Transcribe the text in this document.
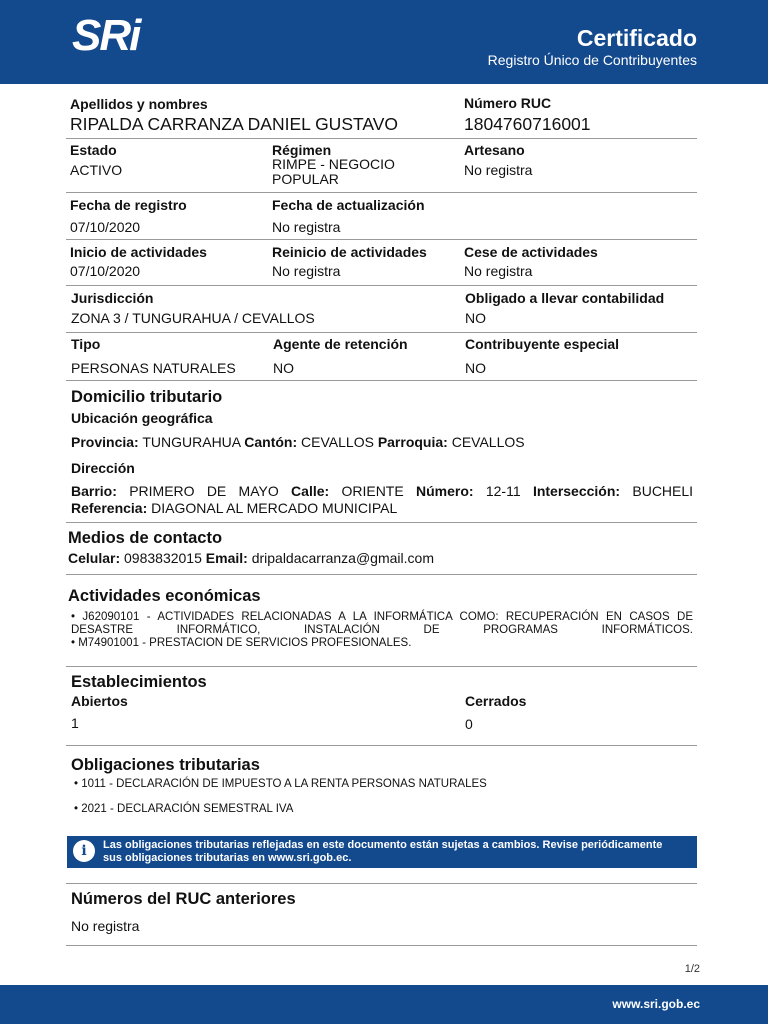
SRi	Certificado
Registro Único de Contribuyentes
Apellidos y nombres
RIPALDA CARRANZA DANIEL GUSTAVO
Número RUC
1804760716001
Estado
ACTIVO
Régimen
RIMPE - NEGOCIO POPULAR
Artesano
No registra
Fecha de registro
07/10/2020
Fecha de actualización
No registra
Inicio de actividades
07/10/2020
Reinicio de actividades
No registra
Cese de actividades
No registra
Jurisdicción
ZONA 3 / TUNGURAHUA / CEVALLOS
Obligado a llevar contabilidad
NO
Tipo
PERSONAS NATURALES
Agente de retención
NO
Contribuyente especial
NO
Domicilio tributario
Ubicación geográfica
Provincia: TUNGURAHUA Cantón: CEVALLOS Parroquia: CEVALLOS
Dirección
Barrio: PRIMERO DE MAYO Calle: ORIENTE Número: 12-11 Intersección: BUCHELI
Referencia: DIAGONAL AL MERCADO MUNICIPAL
Medios de contacto
Celular: 0983832015 Email: dripaldacarranza@gmail.com
Actividades económicas
• J62090101 - ACTIVIDADES RELACIONADAS A LA INFORMÁTICA COMO: RECUPERACIÓN EN CASOS DE DESASTRE INFORMÁTICO, INSTALACIÓN DE PROGRAMAS INFORMÁTICOS.
• M74901001 - PRESTACION DE SERVICIOS PROFESIONALES.
Establecimientos
Abiertos
1
Cerrados
0
Obligaciones tributarias
• 1011 - DECLARACIÓN DE IMPUESTO A LA RENTA PERSONAS NATURALES
• 2021 - DECLARACIÓN SEMESTRAL IVA
i	Las obligaciones tributarias reflejadas en este documento están sujetas a cambios. Revise periódicamente sus obligaciones tributarias en www.sri.gob.ec.
Números del RUC anteriores
No registra
1/2
www.sri.gob.ec
